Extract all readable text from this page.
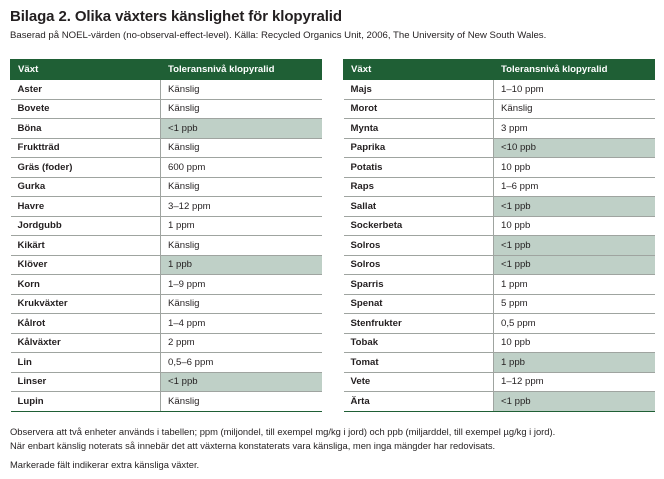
Bilaga 2. Olika växters känslighet för klopyralid
Baserad på NOEL-värden (no-observal-effect-level). Källa: Recycled Organics Unit, 2006, The University of New South Wales.
Växt	Toleransnivå klopyralid
Aster	Känslig
Bovete	Känslig
Böna	<1 ppb
Fruktträd	Känslig
Gräs (foder)	600 ppm
Gurka	Känslig
Havre	3–12 ppm
Jordgubb	1 ppm
Kikärt	Känslig
Klöver	1 ppb
Korn	1–9 ppm
Krukväxter	Känslig
Kålrot	1–4 ppm
Kålväxter	2 ppm
Lin	0,5–6 ppm
Linser	<1 ppb
Lupin	Känslig
Växt	Toleransnivå klopyralid
Majs	1–10 ppm
Morot	Känslig
Mynta	3 ppm
Paprika	<10 ppb
Potatis	10 ppb
Raps	1–6 ppm
Sallat	<1 ppb
Sockerbeta	10 ppb
Solros	<1 ppb
Solros	<1 ppb
Sparris	1 ppm
Spenat	5 ppm
Stenfrukter	0,5 ppm
Tobak	10 ppb
Tomat	1 ppb
Vete	1–12 ppm
Ärta	<1 ppb
Observera att två enheter används i tabellen; ppm (miljondel, till exempel mg/kg i jord) och ppb (miljarddel, till exempel µg/kg i jord).
När enbart känslig noterats så innebär det att växterna konstaterats vara känsliga, men inga mängder har redovisats.
Markerade fält indikerar extra känsliga växter.
